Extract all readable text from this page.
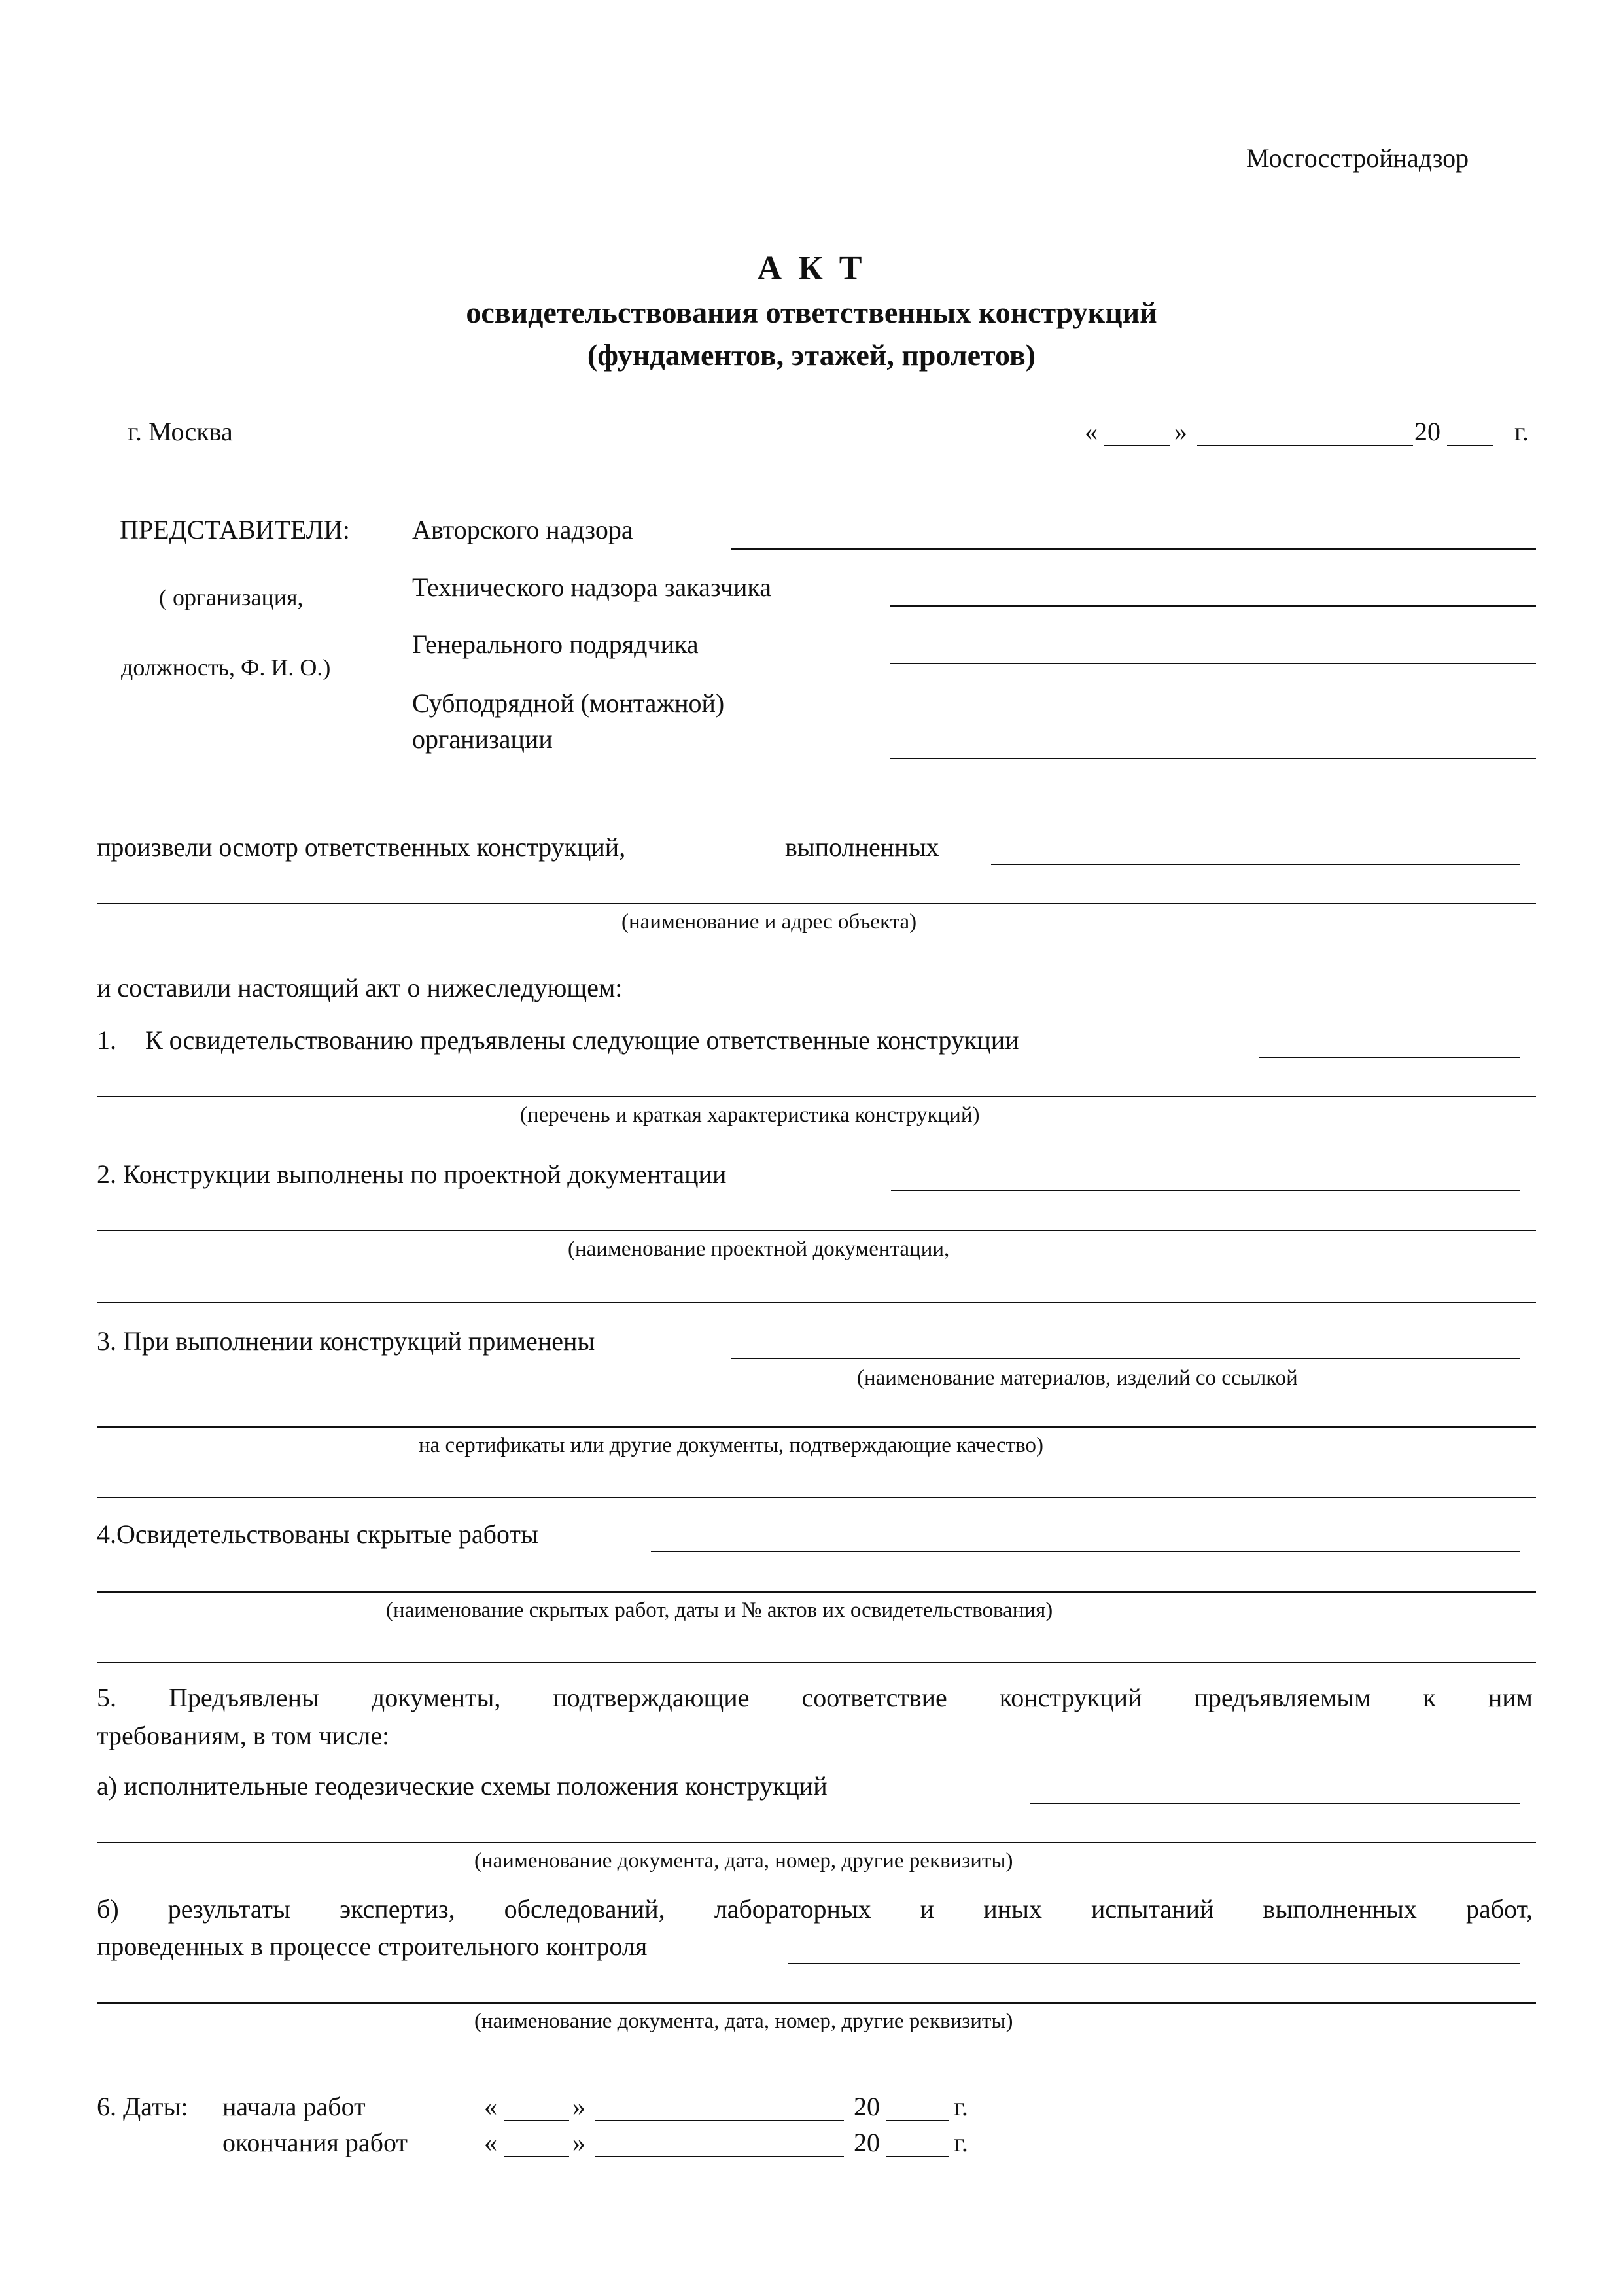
Мосгосстройнадзор
А К Т
освидетельствования ответственных конструкций
(фундаментов, этажей, пролетов)
г. Москва	«	»	20	г.
ПРЕДСТАВИТЕЛИ:
( организация,
должность, Ф. И. О.)
Авторского надзора
Технического надзора заказчика
Генерального подрядчика
Субподрядной (монтажной)
организации
произвели осмотр ответственных конструкций,	выполненных
(наименование и адрес объекта)
и составили настоящий акт о нижеследующем:
1. К освидетельствованию предъявлены следующие ответственные конструкции
(перечень и краткая характеристика конструкций)
2. Конструкции выполнены по проектной документации
(наименование проектной документации,
3. При выполнении конструкций применены
(наименование материалов, изделий со ссылкой
на сертификаты или другие документы, подтверждающие качество)
4.Освидетельствованы скрытые работы
(наименование скрытых работ, даты и № актов их освидетельствования)
5. Предъявлены документы, подтверждающие соответствие конструкций предъявляемым к ним
требованиям, в том числе:
а) исполнительные геодезические схемы положения конструкций
(наименование документа, дата, номер, другие реквизиты)
б) результаты экспертиз, обследований, лабораторных и иных испытаний выполненных работ,
проведенных в процессе строительного контроля
(наименование документа, дата, номер, другие реквизиты)
6. Даты: начала работ	«	»	20	г.
окончания работ	«	»	20	г.
